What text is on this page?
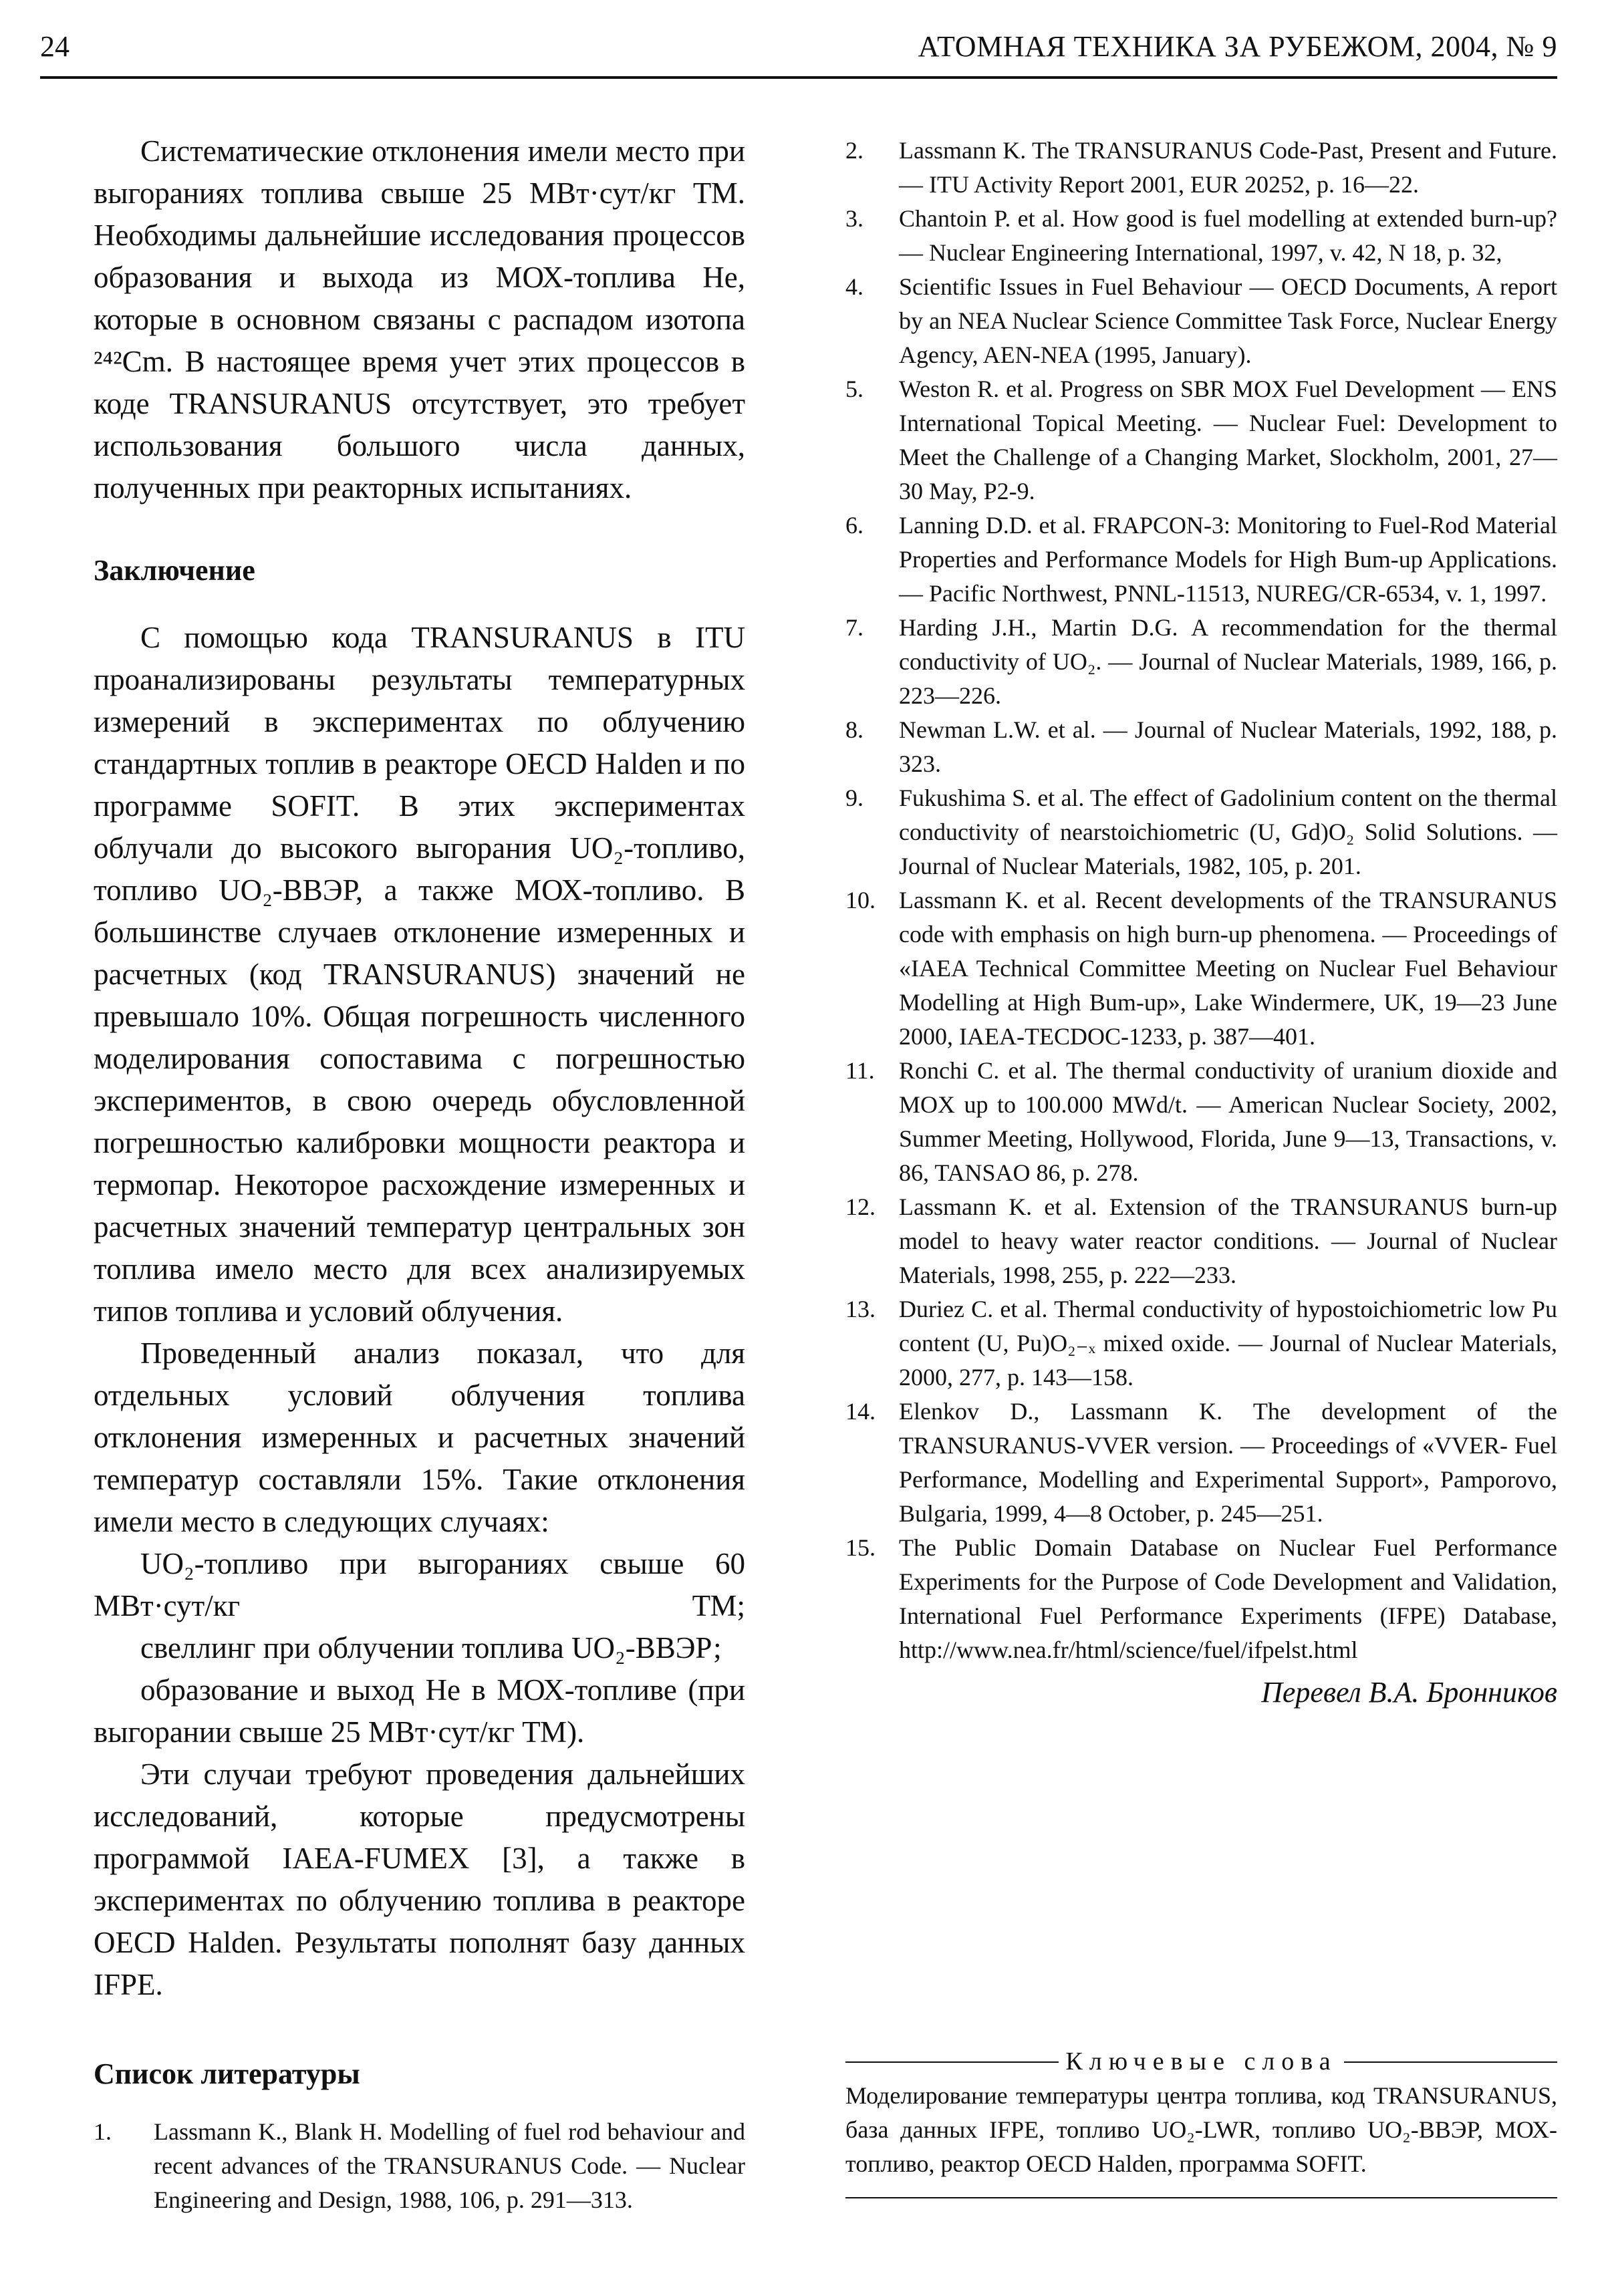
24	АТОМНАЯ ТЕХНИКА ЗА РУБЕЖОМ, 2004, № 9

Систематические отклонения имели место при выгораниях топлива свыше 25 МВт·сут/кг ТМ. Необходимы дальнейшие исследования процессов образования и выхода из МОХ-топлива Не, которые в основном связаны с распадом изотопа ²⁴²Cm. В настоящее время учет этих процессов в коде TRANSURANUS отсутствует, это требует использования большого числа данных, полученных при реакторных испытаниях.

Заключение

С помощью кода TRANSURANUS в ITU проанализированы результаты температурных измерений в экспериментах по облучению стандартных топлив в реакторе OECD Halden и по программе SOFIT. В этих экспериментах облучали до высокого выгорания UO₂-топливо, топливо UO₂-ВВЭР, а также МОХ-топливо. В большинстве случаев отклонение измеренных и расчетных (код TRANSURANUS) значений не превышало 10%. Общая погрешность численного моделирования сопоставима с погрешностью экспериментов, в свою очередь обусловленной погрешностью калибровки мощности реактора и термопар. Некоторое расхождение измеренных и расчетных значений температур центральных зон топлива имело место для всех анализируемых типов топлива и условий облучения.

Проведенный анализ показал, что для отдельных условий облучения топлива отклонения измеренных и расчетных значений температур составляли 15%. Такие отклонения имели место в следующих случаях:

UO₂-топливо при выгораниях свыше 60 МВт·сут/кг ТМ;

свеллинг при облучении топлива UO₂-ВВЭР;

образование и выход Не в МОХ-топливе (при выгорании свыше 25 МВт·сут/кг ТМ).

Эти случаи требуют проведения дальнейших исследований, которые предусмотрены программой IAEA-FUMEX [3], а также в экспериментах по облучению топлива в реакторе OECD Halden. Результаты пополнят базу данных IFPE.

Список литературы
1.	Lassmann K., Blank H. Modelling of fuel rod behaviour and recent advances of the TRANSURANUS Code. — Nuclear Engineering and Design, 1988, 106, p. 291—313.
2.	Lassmann K. The TRANSURANUS Code-Past, Present and Future. — ITU Activity Report 2001, EUR 20252, p. 16—22.
3.	Chantoin P. et al. How good is fuel modelling at extended burn-up? — Nuclear Engineering International, 1997, v. 42, N 18, p. 32,
4.	Scientific Issues in Fuel Behaviour — OECD Documents, A report by an NEA Nuclear Science Committee Task Force, Nuclear Energy Agency, AEN-NEA (1995, January).
5.	Weston R. et al. Progress on SBR MOX Fuel Development — ENS International Topical Meeting. — Nuclear Fuel: Development to Meet the Challenge of a Changing Market, Slockholm, 2001, 27—30 May, P2-9.
6.	Lanning D.D. et al. FRAPCON-3: Monitoring to Fuel-Rod Material Properties and Performance Models for High Bum-up Applications. — Pacific Northwest, PNNL-11513, NUREG/CR-6534, v. 1, 1997.
7.	Harding J.H., Martin D.G. A recommendation for the thermal conductivity of UO₂. — Journal of Nuclear Materials, 1989, 166, p. 223—226.
8.	Newman L.W. et al. — Journal of Nuclear Materials, 1992, 188, p. 323.
9.	Fukushima S. et al. The effect of Gadolinium content on the thermal conductivity of nearstoichiometric (U, Gd)O₂ Solid Solutions. — Journal of Nuclear Materials, 1982, 105, p. 201.
10. Lassmann K. et al. Recent developments of the TRANSURANUS code with emphasis on high burn-up phenomena. — Proceedings of «IAEA Technical Committee Meeting on Nuclear Fuel Behaviour Modelling at High Bum-up», Lake Windermere, UK, 19—23 June 2000, IAEA-TECDOC-1233, p. 387—401.
11.	Ronchi C. et al. The thermal conductivity of uranium dioxide and MOX up to 100.000 MWd/t. — American Nuclear Society, 2002, Summer Meeting, Hollywood, Florida, June 9—13, Transactions, v. 86, TANSAO 86, p. 278.
12. Lassmann K. et al. Extension of the TRANSURANUS burn-up model to heavy water reactor conditions. — Journal of Nuclear Materials, 1998, 255, p. 222—233.
13. Duriez C. et al. Thermal conductivity of hypostoichiometric low Pu content (U, Pu)O₂₋ₓ mixed oxide. — Journal of Nuclear Materials, 2000, 277, p. 143—158.
14. Elenkov D., Lassmann K. The development of the TRANSURANUS-VVER version. — Proceedings of «VVER- Fuel Performance, Modelling and Experimental Support», Pamporovo, Bulgaria, 1999, 4—8 October, p. 245—251.
15. The Public Domain Database on Nuclear Fuel Performance Experiments for the Purpose of Code Development and Validation, International Fuel Performance Experiments (IFPE) Database, http://www.nea.fr/html/science/fuel/ifpelst.html
Перевел В.А. Бронников
Ключевые слова
Моделирование температуры центра топлива, код TRANSURANUS, база данных IFPE, топливо UO₂-LWR, топливо UO₂-ВВЭР, МОХ-топливо, реактор OECD Halden, программа SOFIT.
